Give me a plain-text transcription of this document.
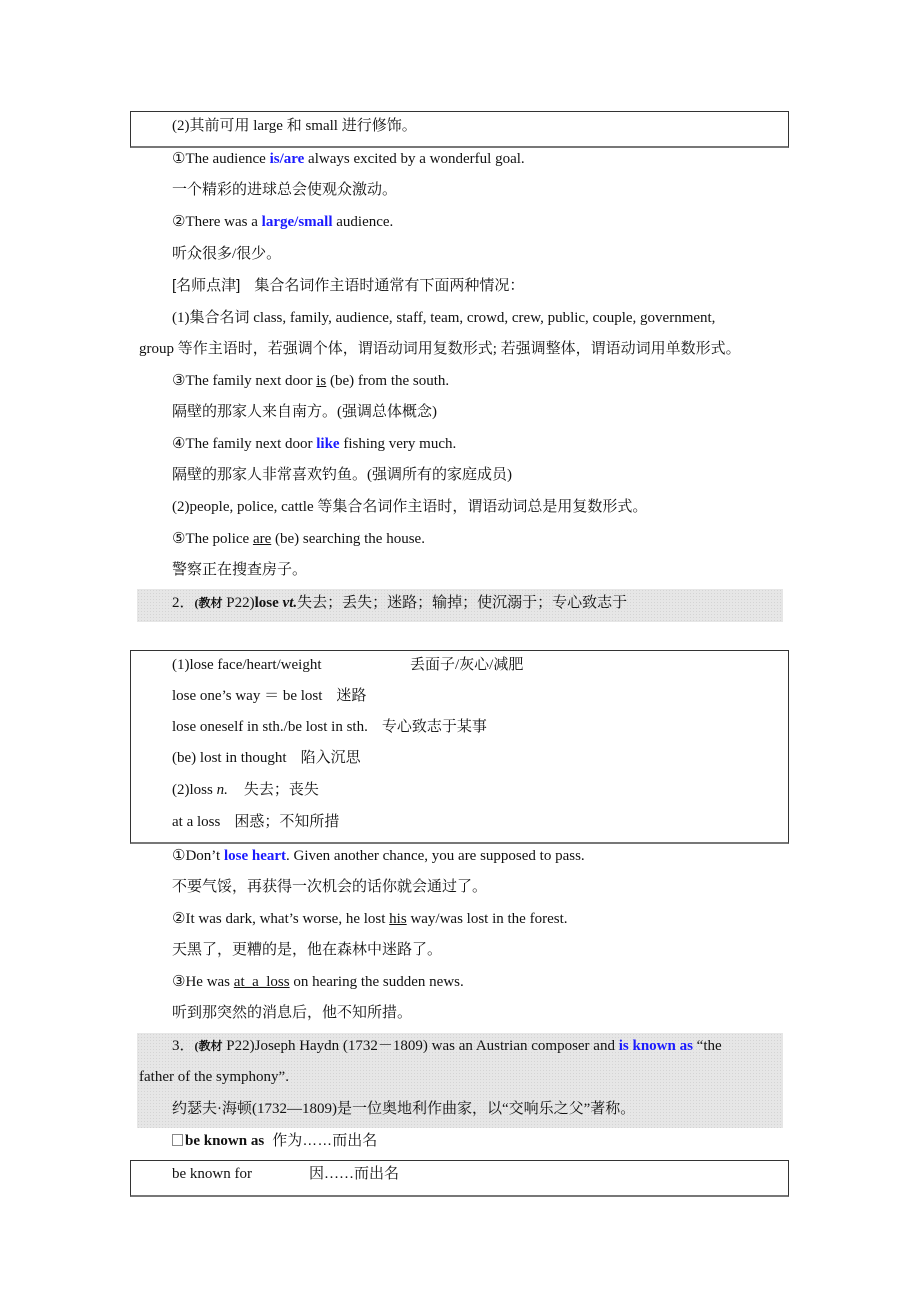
(2)其前可用 large 和 small 进行修饰。
①The audience is/are always excited by a wonderful goal.
一个精彩的进球总会使观众激动。
②There was a large/small audience.
听众很多/很少。
[名师点津] 集合名词作主语时通常有下面两种情况：
(1)集合名词 class, family, audience, staff, team, crowd, crew, public, couple, government,
group 等作主语时，若强调个体，谓语动词用复数形式; 若强调整体，谓语动词用单数形式。
③The family next door is (be) from the south.
隔壁的那家人来自南方。(强调总体概念)
④The family next door like fishing very much.
隔壁的那家人非常喜欢钓鱼。(强调所有的家庭成员)
(2)people, police, cattle 等集合名词作主语时，谓语动词总是用复数形式。
⑤The police are (be) searching the house.
警察正在搜查房子。
2．(教材 P22)lose vt.失去；丢失；迷路；输掉；使沉溺于；专心致志于
(1)lose face/heart/weight	丢面子/灰心/减肥
lose one’s way ＝ be lost 迷路
lose oneself in sth./be lost in sth. 专心致志于某事
(be) lost in thought 陷入沉思
(2)loss n. 失去；丧失
at a loss 困惑；不知所措
①Don’t lose heart. Given another chance, you are supposed to pass.
不要气馁，再获得一次机会的话你就会通过了。
②It was dark, what’s worse, he lost his way/was lost in the forest.
天黑了，更糟的是，他在森林中迷路了。
③He was at_a_loss on hearing the sudden news.
听到那突然的消息后，他不知所措。
3．(教材 P22)Joseph Haydn (1732－1809) was an Austrian composer and is known as “the
father of the symphony”.
约瑟夫·海顿(1732—1809)是一位奥地利作曲家，以“交响乐之父”著称。
be known as 作为……而出名
be known for	因……而出名
